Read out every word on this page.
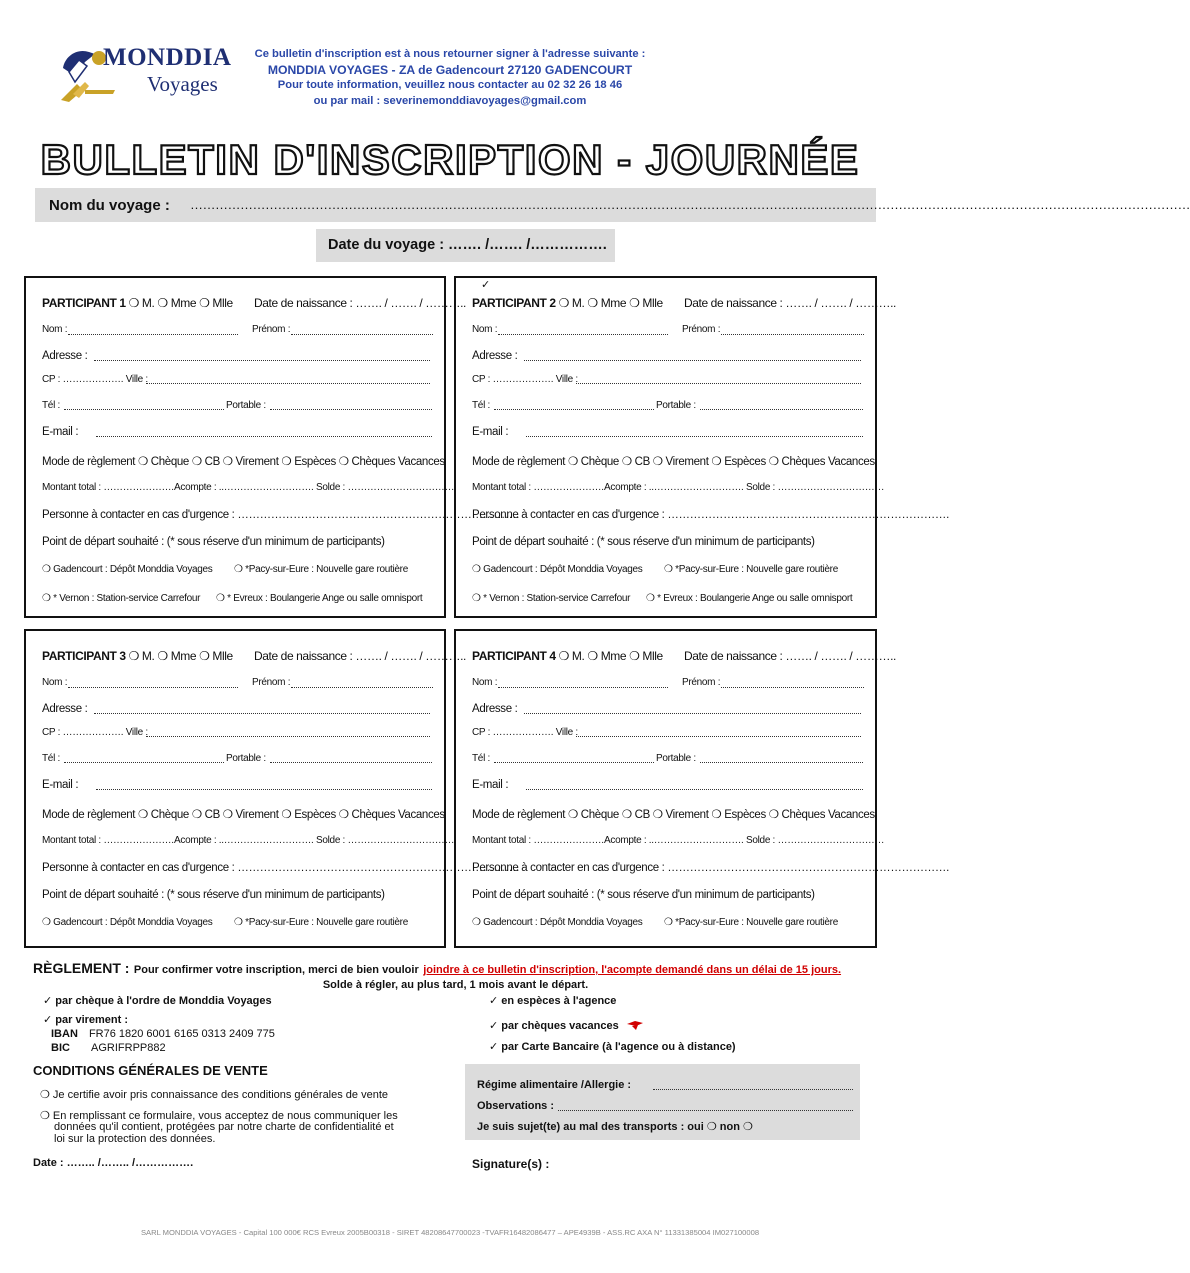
MONDDIA
Voyages
Ce bulletin d'inscription est à nous retourner signer à l'adresse suivante :
MONDDIA VOYAGES - ZA de Gadencourt 27120 GADENCOURT
Pour toute information, veuillez nous contacter au 02 32 26 18 46
ou par mail : severinemonddiavoyages@gmail.com
BULLETIN D'INSCRIPTION - JOURNÉE
Nom du voyage : ……………………………………………………………………………………………………………………………………………………………………………………………………………………
Date du voyage : ……. /……. /…………….
PARTICIPANT 1 ❍ M. ❍ Mme ❍ Mlle Date de naissance : ……. / ……. / ………..
Nom :	Prénom :
Adresse :
CP : ………………. Ville :
Tél :	Portable :
E-mail :
Mode de règlement ❍ Chèque ❍ CB ❍ Virement ❍ Espèces ❍ Chèques Vacances
Montant total : …………………. Acompte : ..………………………. Solde : ……………………………
Personne à contacter en cas d'urgence : ………………………………………………………………….
Point de départ souhaité : (* sous réserve d'un minimum de participants)
❍ Gadencourt : Dépôt Monddia Voyages ❍ *Pacy-sur-Eure : Nouvelle gare routière
❍ * Vernon : Station-service Carrefour ❍ * Evreux : Boulangerie Ange ou salle omnisport
PARTICIPANT 2 ❍ M. ❍ Mme ❍ Mlle Date de naissance : ……. / ……. / ………..
Nom :	Prénom :
Adresse :
CP : ………………. Ville :
Tél :	Portable :
E-mail :
Mode de règlement ❍ Chèque ❍ CB ❍ Virement ❍ Espèces ❍ Chèques Vacances
Montant total : …………………. Acompte : ..………………………. Solde : ……………………………
Personne à contacter en cas d'urgence : ………………………………………………………………….
Point de départ souhaité : (* sous réserve d'un minimum de participants)
❍ Gadencourt : Dépôt Monddia Voyages ❍ *Pacy-sur-Eure : Nouvelle gare routière
❍ * Vernon : Station-service Carrefour ❍ * Evreux : Boulangerie Ange ou salle omnisport
PARTICIPANT 3 ❍ M. ❍ Mme ❍ Mlle Date de naissance : ……. / ……. / ………..
Nom :	Prénom :
Adresse :
CP : ………………. Ville :
Tél :	Portable :
E-mail :
Mode de règlement ❍ Chèque ❍ CB ❍ Virement ❍ Espèces ❍ Chèques Vacances
Montant total : …………………. Acompte : ..………………………. Solde : ……………………………
Personne à contacter en cas d'urgence : ………………………………………………………………….
Point de départ souhaité : (* sous réserve d'un minimum de participants)
❍ Gadencourt : Dépôt Monddia Voyages ❍ *Pacy-sur-Eure : Nouvelle gare routière
PARTICIPANT 4 ❍ M. ❍ Mme ❍ Mlle Date de naissance : ……. / ……. / ………..
Nom :	Prénom :
Adresse :
CP : ………………. Ville :
Tél :	Portable :
E-mail :
Mode de règlement ❍ Chèque ❍ CB ❍ Virement ❍ Espèces ❍ Chèques Vacances
Montant total : …………………. Acompte : ..………………………. Solde : ……………………………
Personne à contacter en cas d'urgence : ………………………………………………………………….
Point de départ souhaité : (* sous réserve d'un minimum de participants)
❍ Gadencourt : Dépôt Monddia Voyages ❍ *Pacy-sur-Eure : Nouvelle gare routière
✓
RÈGLEMENT : Pour confirmer votre inscription, merci de bien vouloir joindre à ce bulletin d'inscription, l'acompte demandé dans un délai de 15 jours.
Solde à régler, au plus tard, 1 mois avant le départ.
✓ par chèque à l'ordre de Monddia Voyages
✓ par virement :
IBAN FR76 1820 6001 6165 0313 2409 775
BIC AGRIFRPP882
✓ en espèces à l'agence
✓ par chèques vacances
✓ par Carte Bancaire (à l'agence ou à distance)
CONDITIONS GÉNÉRALES DE VENTE
❍ Je certifie avoir pris connaissance des conditions générales de vente
❍ En remplissant ce formulaire, vous acceptez de nous communiquer les
données qu'il contient, protégées par notre charte de confidentialité et
loi sur la protection des données.
Régime alimentaire /Allergie :
Observations :
Je suis sujet(te) au mal des transports : oui ❍ non ❍
Date : …….. /…….. /…………….	Signature(s) :
SARL MONDDIA VOYAGES - Capital 100 000€ RCS Evreux 2005B00318 - SIRET 48208647700023 -TVAFR16482086477 – APE4939B - ASS.RC AXA N° 11331385004 IM027100008
